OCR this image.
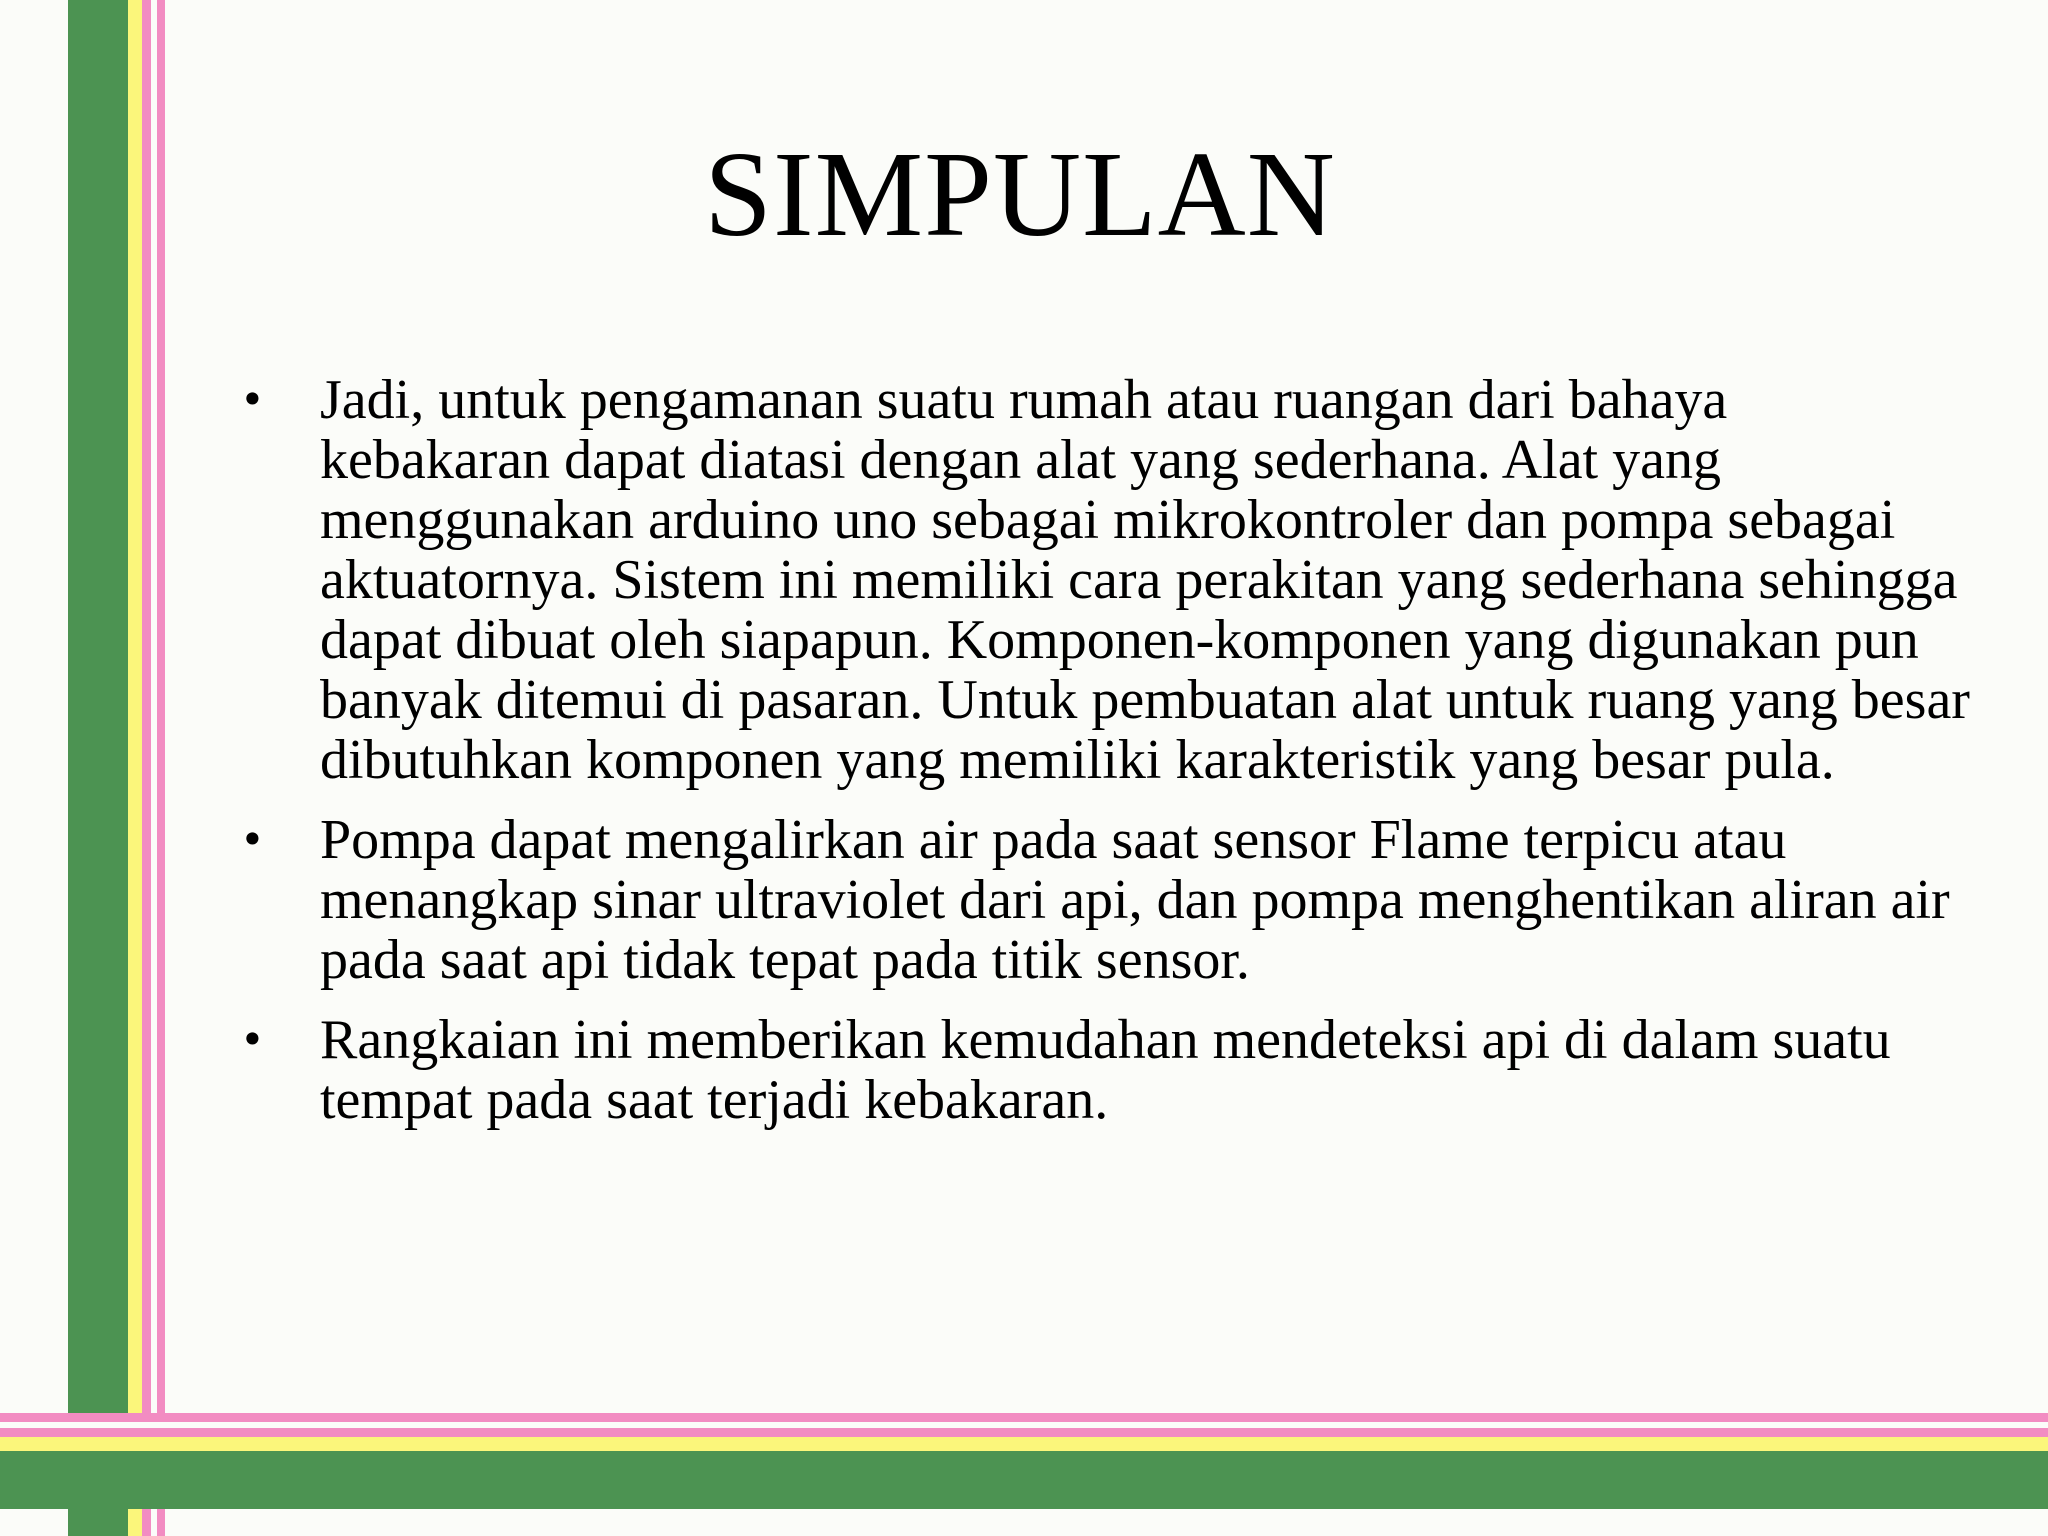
SIMPULAN
• Jadi, untuk pengamanan suatu rumah atau ruangan dari bahaya kebakaran dapat diatasi dengan alat yang sederhana. Alat yang menggunakan arduino uno sebagai mikrokontroler dan pompa sebagai aktuatornya. Sistem ini memiliki cara perakitan yang sederhana sehingga dapat dibuat oleh siapapun. Komponen-komponen yang digunakan pun banyak ditemui di pasaran. Untuk pembuatan alat untuk ruang yang besar dibutuhkan komponen yang memiliki karakteristik yang besar pula.
• Pompa dapat mengalirkan air pada saat sensor Flame terpicu atau menangkap sinar ultraviolet dari api, dan pompa menghentikan aliran air pada saat api tidak tepat pada titik sensor.
• Rangkaian ini memberikan kemudahan mendeteksi api di dalam suatu tempat pada saat terjadi kebakaran.
